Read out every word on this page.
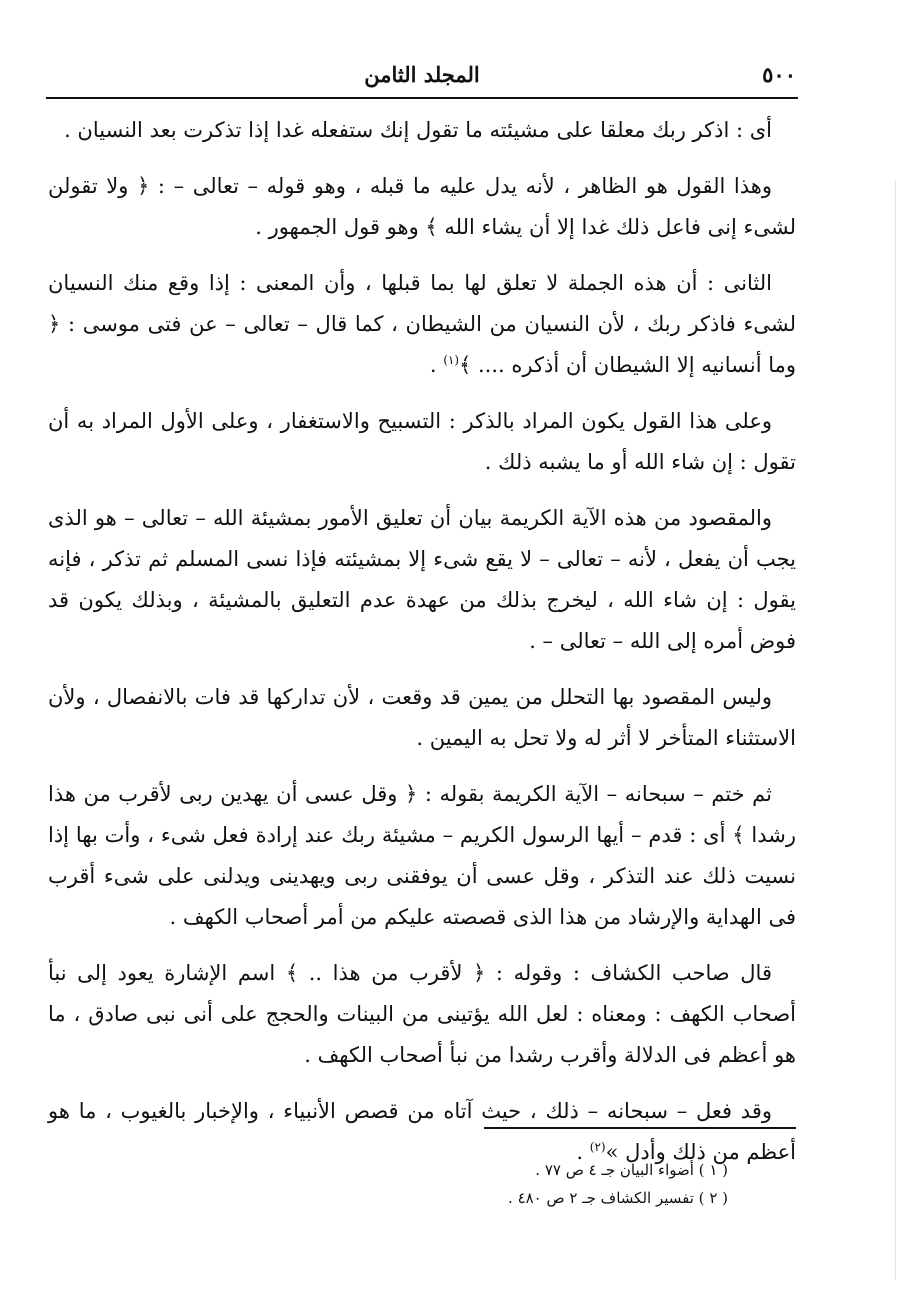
٥٠٠
المجلد الثامن

أى : اذكر ربك معلقا على مشيئته ما تقول إنك ستفعله غدا إذا تذكرت بعد النسيان .

وهذا القول هو الظاهر ، لأنه يدل عليه ما قبله ، وهو قوله – تعالى – : ﴿ ولا تقولن لشىء إنى فاعل ذلك غدا إلا أن يشاء الله ﴾ وهو قول الجمهور .

الثانى : أن هذه الجملة لا تعلق لها بما قبلها ، وأن المعنى : إذا وقع منك النسيان لشىء فاذكر ربك ، لأن النسيان من الشيطان ، كما قال – تعالى – عن فتى موسى : ﴿ وما أنسانيه إلا الشيطان أن أذكره .... ﴾$^{(١)}$ .

وعلى هذا القول يكون المراد بالذكر : التسبيح والاستغفار ، وعلى الأول المراد به أن تقول : إن شاء الله أو ما يشبه ذلك .

والمقصود من هذه الآية الكريمة بيان أن تعليق الأمور بمشيئة الله – تعالى – هو الذى يجب أن يفعل ، لأنه – تعالى – لا يقع شىء إلا بمشيئته فإذا نسى المسلم ثم تذكر ، فإنه يقول : إن شاء الله ، ليخرج بذلك من عهدة عدم التعليق بالمشيئة ، وبذلك يكون قد فوض أمره إلى الله – تعالى – .

وليس المقصود بها التحلل من يمين قد وقعت ، لأن تداركها قد فات بالانفصال ، ولأن الاستثناء المتأخر لا أثر له ولا تحل به اليمين .

ثم ختم – سبحانه – الآية الكريمة بقوله : ﴿ وقل عسى أن يهدين ربى لأقرب من هذا رشدا ﴾ أى : قدم – أيها الرسول الكريم – مشيئة ربك عند إرادة فعل شىء ، وأت بها إذا نسيت ذلك عند التذكر ، وقل عسى أن يوفقنى ربى ويهدينى ويدلنى على شىء أقرب فى الهداية والإرشاد من هذا الذى قصصته عليكم من أمر أصحاب الكهف .

قال صاحب الكشاف : وقوله : ﴿ لأقرب من هذا .. ﴾ اسم الإشارة يعود إلى نبأ أصحاب الكهف : ومعناه : لعل الله يؤتينى من البينات والحجج على أنى نبى صادق ، ما هو أعظم فى الدلالة وأقرب رشدا من نبأ أصحاب الكهف .

وقد فعل – سبحانه – ذلك ، حيث آتاه من قصص الأنبياء ، والإخبار بالغيوب ، ما هو أعظم من ذلك وأدل »$^{(٢)}$ .

( ١ ) أضواء البيان جـ ٤ ص ٧٧ .

( ٢ ) تفسير الكشاف جـ ٢ ص ٤٨٠ .
